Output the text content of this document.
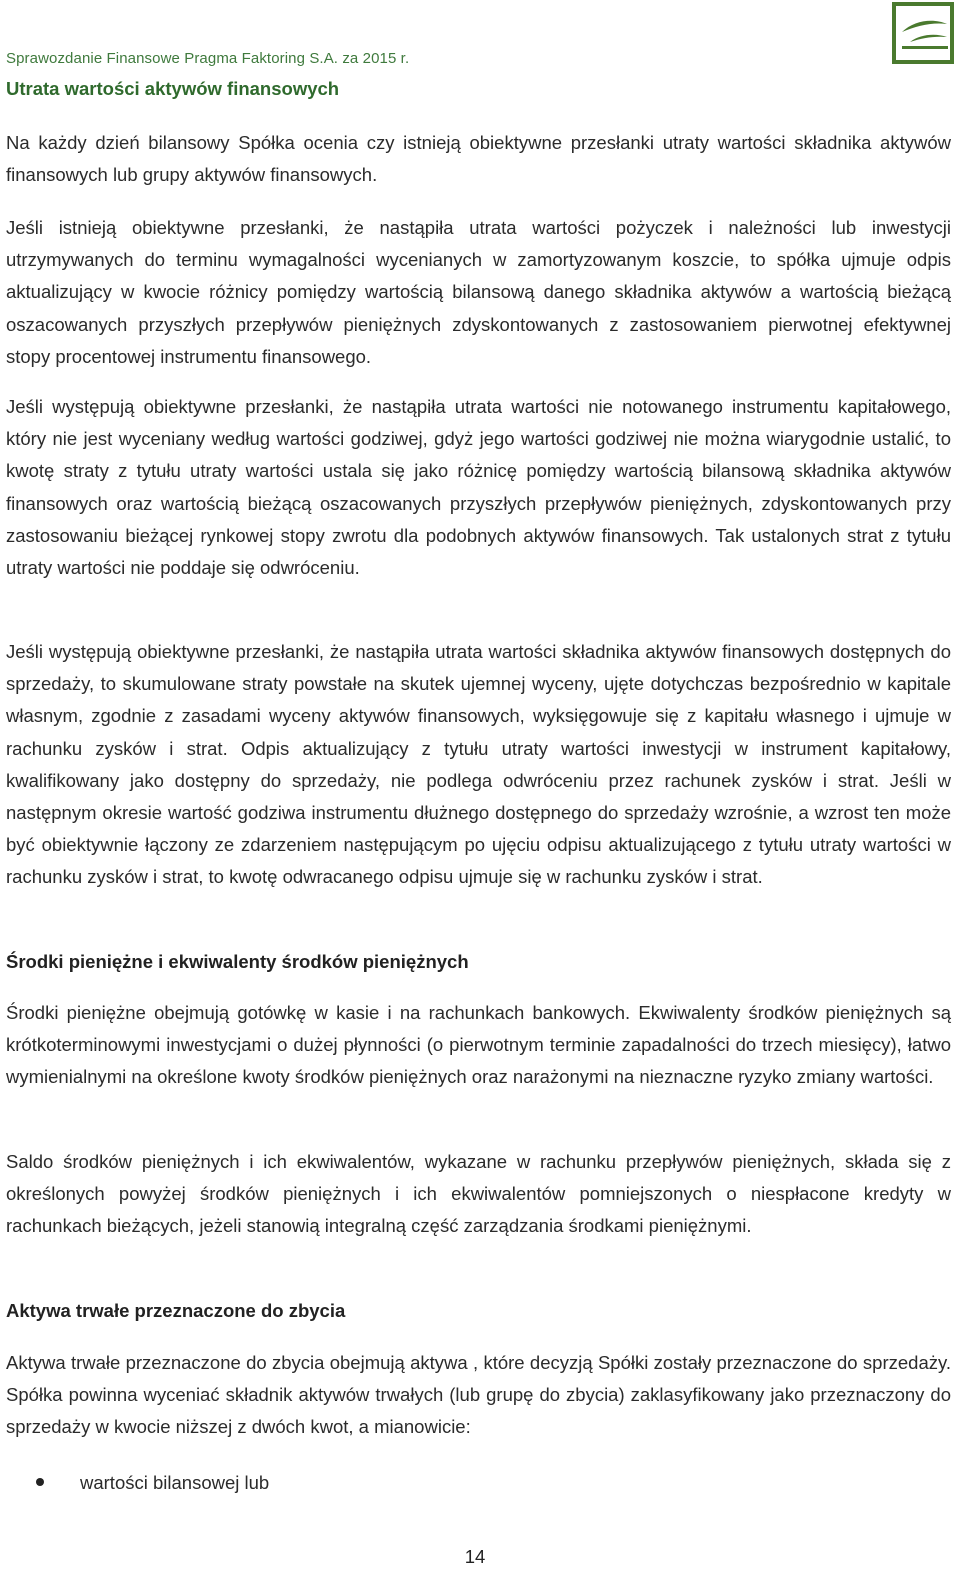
Sprawozdanie Finansowe Pragma Faktoring S.A. za 2015 r.
Utrata wartości aktywów finansowych

Na każdy dzień bilansowy Spółka ocenia czy istnieją obiektywne przesłanki utraty wartości składnika aktywów finansowych lub grupy aktywów finansowych.

Jeśli istnieją obiektywne przesłanki, że nastąpiła utrata wartości pożyczek i należności lub inwestycji utrzymywanych do terminu wymagalności wycenianych w zamortyzowanym koszcie, to spółka ujmuje odpis aktualizujący w kwocie różnicy pomiędzy wartością bilansową danego składnika aktywów a wartością bieżącą oszacowanych przyszłych przepływów pieniężnych zdyskontowanych z zastosowaniem pierwotnej efektywnej stopy procentowej instrumentu finansowego.

Jeśli występują obiektywne przesłanki, że nastąpiła utrata wartości nie notowanego instrumentu kapitałowego, który nie jest wyceniany według wartości godziwej, gdyż jego wartości godziwej nie można wiarygodnie ustalić, to kwotę straty z tytułu utraty wartości ustala się jako różnicę pomiędzy wartością bilansową składnika aktywów finansowych oraz wartością bieżącą oszacowanych przyszłych przepływów pieniężnych, zdyskontowanych przy zastosowaniu bieżącej rynkowej stopy zwrotu dla podobnych aktywów finansowych. Tak ustalonych strat z tytułu utraty wartości nie poddaje się odwróceniu.

Jeśli występują obiektywne przesłanki, że nastąpiła utrata wartości składnika aktywów finansowych dostępnych do sprzedaży, to skumulowane straty powstałe na skutek ujemnej wyceny, ujęte dotychczas bezpośrednio w kapitale własnym, zgodnie z zasadami wyceny aktywów finansowych, wyksięgowuje się z kapitału własnego i ujmuje w rachunku zysków i strat. Odpis aktualizujący z tytułu utraty wartości inwestycji w instrument kapitałowy, kwalifikowany jako dostępny do sprzedaży, nie podlega odwróceniu przez rachunek zysków i strat. Jeśli w następnym okresie wartość godziwa instrumentu dłużnego dostępnego do sprzedaży wzrośnie, a wzrost ten może być obiektywnie łączony ze zdarzeniem następującym po ujęciu odpisu aktualizującego z tytułu utraty wartości w rachunku zysków i strat, to kwotę odwracanego odpisu ujmuje się w rachunku zysków i strat.

Środki pieniężne i ekwiwalenty środków pieniężnych

Środki pieniężne obejmują gotówkę w kasie i na rachunkach bankowych. Ekwiwalenty środków pieniężnych są krótkoterminowymi inwestycjami o dużej płynności (o pierwotnym terminie zapadalności do trzech miesięcy), łatwo wymienialnymi na określone kwoty środków pieniężnych oraz narażonymi na nieznaczne ryzyko zmiany wartości.

Saldo środków pieniężnych i ich ekwiwalentów, wykazane w rachunku przepływów pieniężnych, składa się z określonych powyżej środków pieniężnych i ich ekwiwalentów pomniejszonych o niespłacone kredyty w rachunkach bieżących, jeżeli stanowią integralną część zarządzania środkami pieniężnymi.

Aktywa trwałe przeznaczone do zbycia

Aktywa trwałe przeznaczone do zbycia obejmują aktywa , które decyzją Spółki zostały przeznaczone do sprzedaży. Spółka powinna wyceniać składnik aktywów trwałych (lub grupę do zbycia) zaklasyfikowany jako przeznaczony do sprzedaży w kwocie niższej z dwóch kwot, a mianowicie:

wartości bilansowej lub
14
